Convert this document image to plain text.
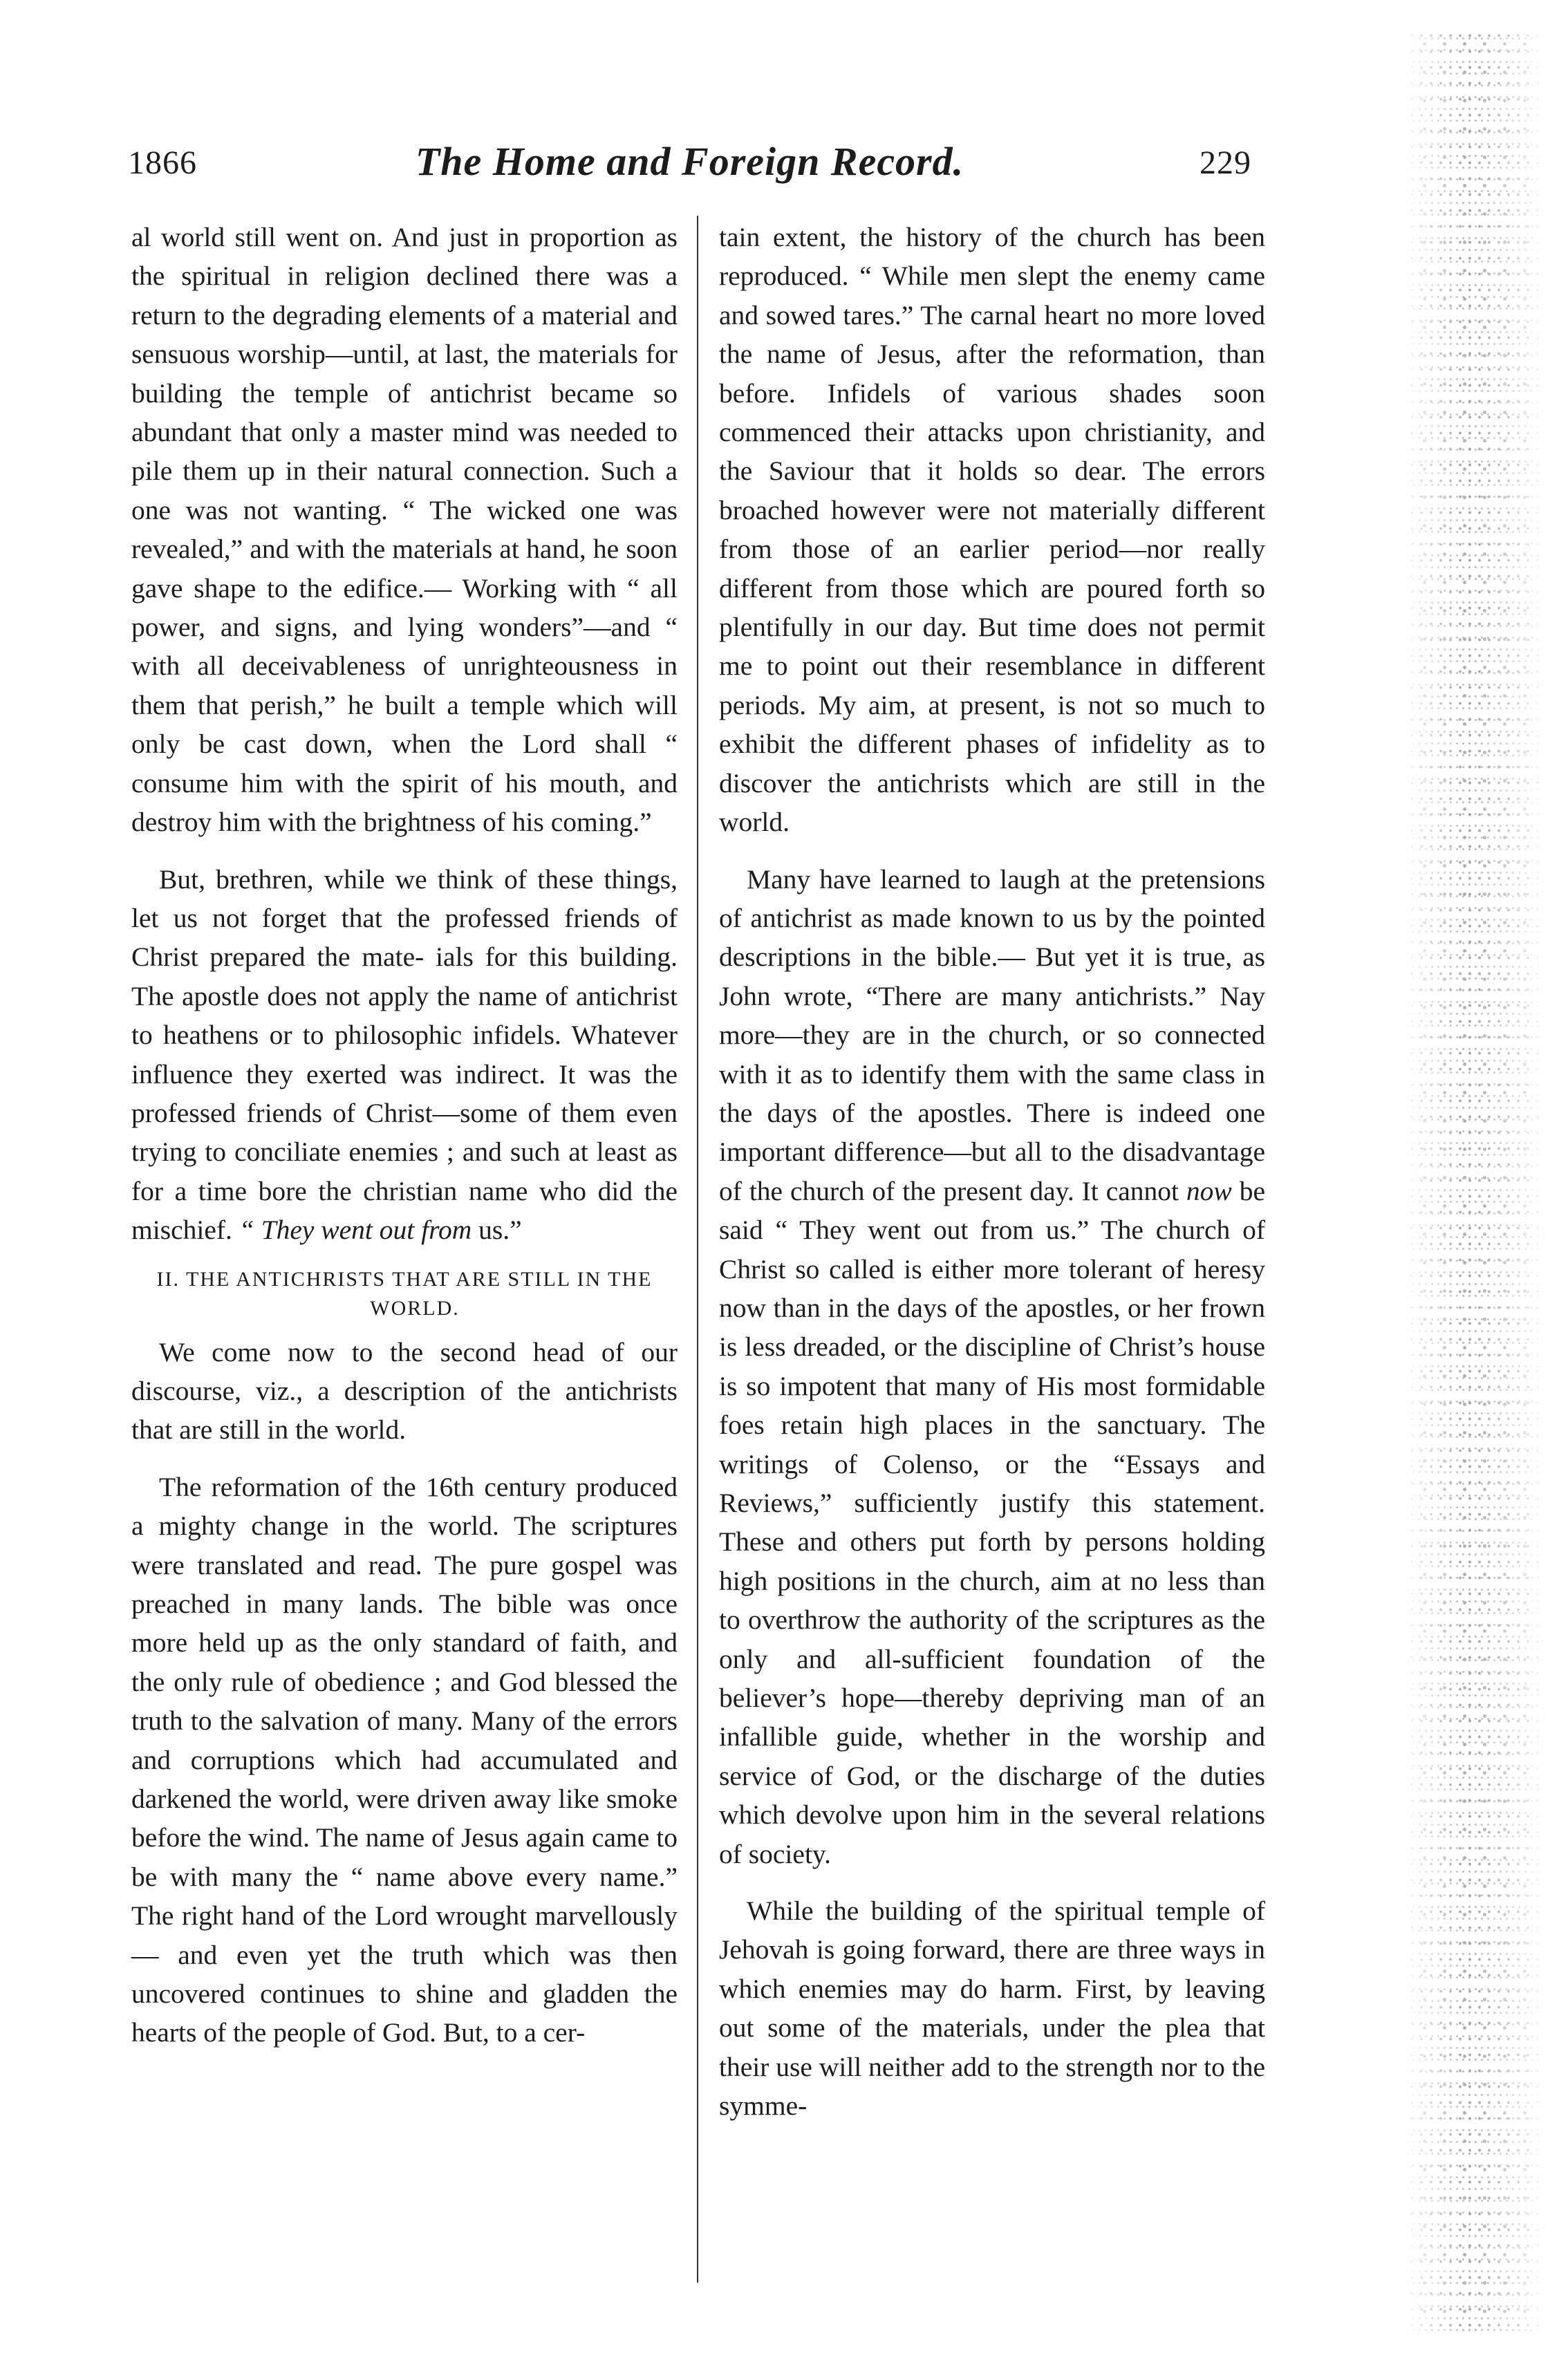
1866	The Home and Foreign Record.	229

al world still went on. And just in proportion as the spiritual in religion declined there was a return to the degrading elements of a material and sensuous worship—until, at last, the materials for building the temple of antichrist became so abundant that only a master mind was needed to pile them up in their natural connection. Such a one was not wanting. “ The wicked one was revealed,” and with the materials at hand, he soon gave shape to the edifice.— Working with “ all power, and signs, and lying wonders”—and “ with all deceivableness of unrighteousness in them that perish,” he built a temple which will only be cast down, when the Lord shall “ consume him with the spirit of his mouth, and destroy him with the brightness of his coming.”

But, brethren, while we think of these things, let us not forget that the professed friends of Christ prepared the mate- ials for this building. The apostle does not apply the name of antichrist to heathens or to philosophic infidels. Whatever influence they exerted was indirect. It was the professed friends of Christ—some of them even trying to conciliate enemies ; and such at least as for a time bore the christian name who did the mischief. “ They went out from us.”

II. THE ANTICHRISTS THAT ARE STILL IN THE WORLD.

We come now to the second head of our discourse, viz., a description of the antichrists that are still in the world.

The reformation of the 16th century produced a mighty change in the world. The scriptures were translated and read. The pure gospel was preached in many lands. The bible was once more held up as the only standard of faith, and the only rule of obedience ; and God blessed the truth to the salvation of many. Many of the errors and corruptions which had accumulated and darkened the world, were driven away like smoke before the wind. The name of Jesus again came to be with many the “ name above every name.” The right hand of the Lord wrought marvellously— and even yet the truth which was then uncovered continues to shine and gladden the hearts of the people of God. But, to a cer-

tain extent, the history of the church has been reproduced. “ While men slept the enemy came and sowed tares.” The carnal heart no more loved the name of Jesus, after the reformation, than before. Infidels of various shades soon commenced their attacks upon christianity, and the Saviour that it holds so dear. The errors broached however were not materially different from those of an earlier period—nor really different from those which are poured forth so plentifully in our day. But time does not permit me to point out their resemblance in different periods. My aim, at present, is not so much to exhibit the different phases of infidelity as to discover the antichrists which are still in the world.

Many have learned to laugh at the pretensions of antichrist as made known to us by the pointed descriptions in the bible.— But yet it is true, as John wrote, “There are many antichrists.” Nay more—they are in the church, or so connected with it as to identify them with the same class in the days of the apostles. There is indeed one important difference—but all to the disadvantage of the church of the present day. It cannot now be said “ They went out from us.” The church of Christ so called is either more tolerant of heresy now than in the days of the apostles, or her frown is less dreaded, or the discipline of Christ’s house is so impotent that many of His most formidable foes retain high places in the sanctuary. The writings of Colenso, or the “Essays and Reviews,” sufficiently justify this statement. These and others put forth by persons holding high positions in the church, aim at no less than to overthrow the authority of the scriptures as the only and all-sufficient foundation of the believer’s hope—thereby depriving man of an infallible guide, whether in the worship and service of God, or the discharge of the duties which devolve upon him in the several relations of society.

While the building of the spiritual temple of Jehovah is going forward, there are three ways in which enemies may do harm. First, by leaving out some of the materials, under the plea that their use will neither add to the strength nor to the symme-
